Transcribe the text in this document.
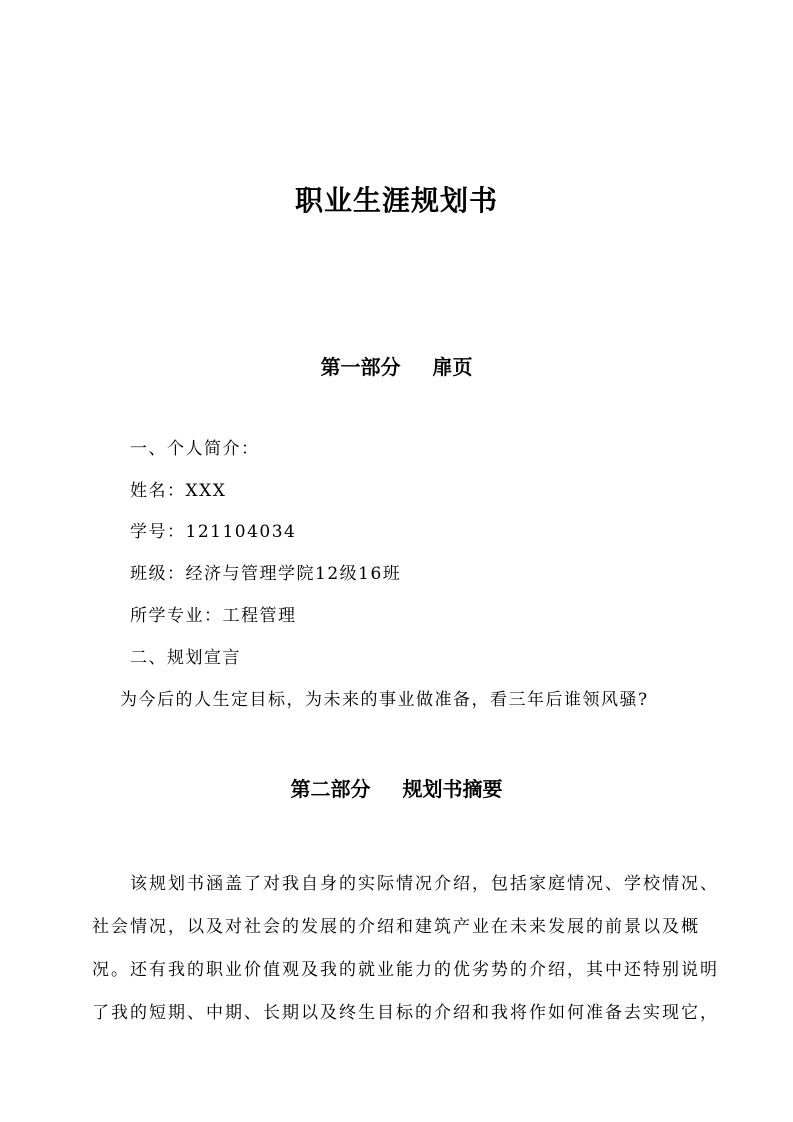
职业生涯规划书
第一部分 扉页
一、个人简介：
姓名：XXX
学号：121104034
班级：经济与管理学院12级16班
所学专业：工程管理
二、规划宣言
为今后的人生定目标，为未来的事业做准备，看三年后谁领风骚?
第二部分 规划书摘要
该规划书涵盖了对我自身的实际情况介绍，包括家庭情况、学校情况、
社会情况，以及对社会的发展的介绍和建筑产业在未来发展的前景以及概
况。还有我的职业价值观及我的就业能力的优劣势的介绍，其中还特别说明
了我的短期、中期、长期以及终生目标的介绍和我将作如何准备去实现它，
